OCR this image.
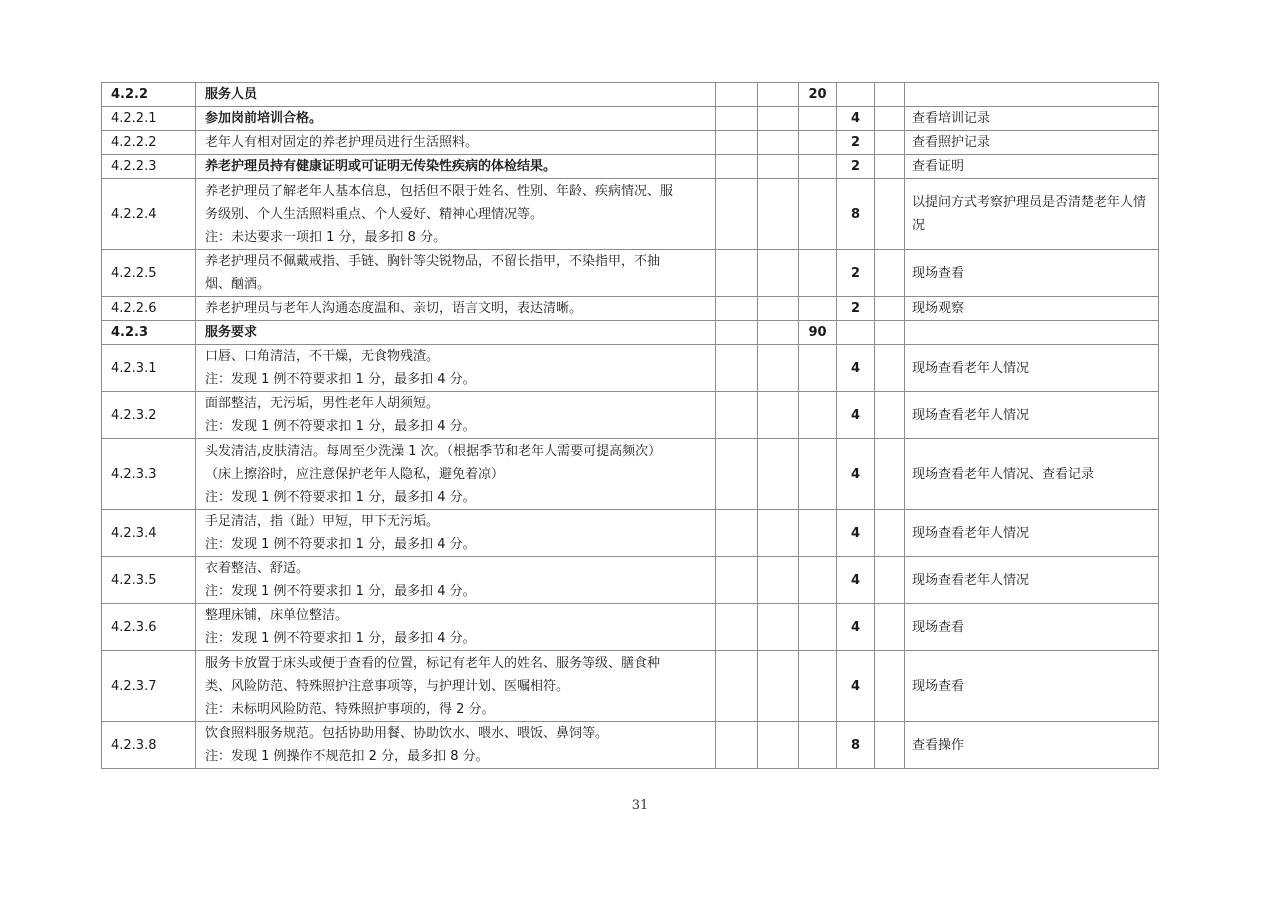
4.2.2	服务人员			20			
4.2.2.1	参加岗前培训合格。				4		查看培训记录
4.2.2.2	老年人有相对固定的养老护理员进行生活照料。				2		查看照护记录
4.2.2.3	养老护理员持有健康证明或可证明无传染性疾病的体检结果。				2		查看证明
4.2.2.4	养老护理员了解老年人基本信息，包括但不限于姓名、性别、年龄、疾病情况、服
务级别、个人生活照料重点、个人爱好、精神心理情况等。
注：未达要求一项扣 1 分，最多扣 8 分。				8		以提问方式考察护理员是否清楚老年人情况
4.2.2.5	养老护理员不佩戴戒指、手链、胸针等尖锐物品，不留长指甲，不染指甲，不抽
烟、酗酒。				2		现场查看
4.2.2.6	养老护理员与老年人沟通态度温和、亲切，语言文明，表达清晰。				2		现场观察
4.2.3	服务要求			90			
4.2.3.1	口唇、口角清洁，不干燥，无食物残渣。
注：发现 1 例不符要求扣 1 分，最多扣 4 分。				4		现场查看老年人情况
4.2.3.2	面部整洁，无污垢，男性老年人胡须短。
注：发现 1 例不符要求扣 1 分，最多扣 4 分。				4		现场查看老年人情况
4.2.3.3	头发清洁,皮肤清洁。每周至少洗澡 1 次。（根据季节和老年人需要可提高频次）
（床上擦浴时，应注意保护老年人隐私，避免着凉）
注：发现 1 例不符要求扣 1 分，最多扣 4 分。				4		现场查看老年人情况、查看记录
4.2.3.4	手足清洁，指（趾）甲短，甲下无污垢。
注：发现 1 例不符要求扣 1 分，最多扣 4 分。				4		现场查看老年人情况
4.2.3.5	衣着整洁、舒适。
注：发现 1 例不符要求扣 1 分，最多扣 4 分。				4		现场查看老年人情况
4.2.3.6	整理床铺，床单位整洁。
注：发现 1 例不符要求扣 1 分，最多扣 4 分。				4		现场查看
4.2.3.7	服务卡放置于床头或便于查看的位置，标记有老年人的姓名、服务等级、膳食种
类、风险防范、特殊照护注意事项等，与护理计划、医嘱相符。
注：未标明风险防范、特殊照护事项的，得 2 分。				4		现场查看
4.2.3.8	饮食照料服务规范。包括协助用餐、协助饮水、喂水、喂饭、鼻饲等。
注：发现 1 例操作不规范扣 2 分，最多扣 8 分。				8		查看操作
31
